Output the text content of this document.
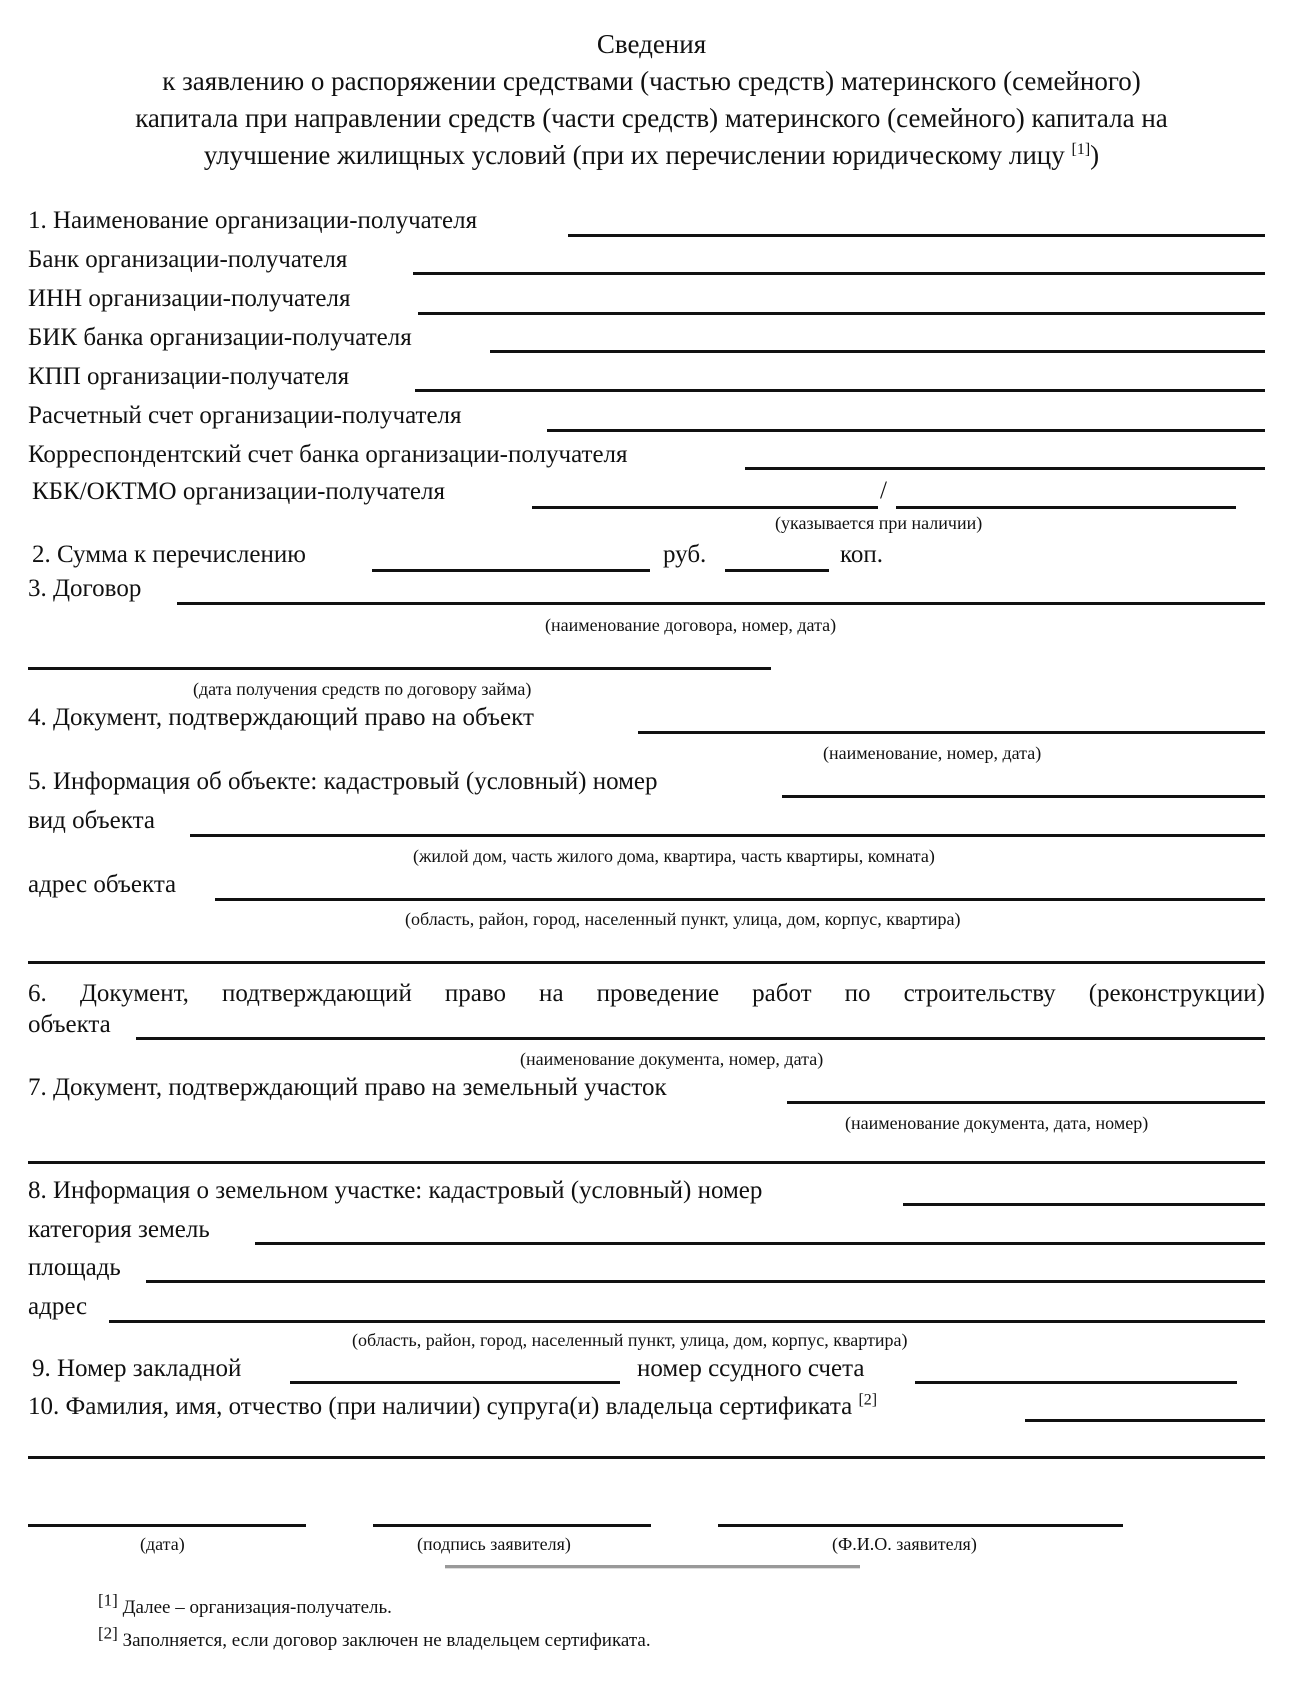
Сведения
к заявлению о распоряжении средствами (частью средств) материнского (семейного)
капитала при направлении средств (части средств) материнского (семейного) капитала на
улучшение жилищных условий (при их перечислении юридическому лицу [1])
1. Наименование организации-получателя
Банк организации-получателя
ИНН организации-получателя
БИК банка организации-получателя
КПП организации-получателя
Расчетный счет организации-получателя
Корреспондентский счет банка организации-получателя
КБК/ОКТМО организации-получателя	/
(указывается при наличии)
2. Сумма к перечислению	руб.	коп.
3. Договор
(наименование договора, номер, дата)
(дата получения средств по договору займа)
4. Документ, подтверждающий право на объект
(наименование, номер, дата)
5. Информация об объекте: кадастровый (условный) номер
вид объекта
(жилой дом, часть жилого дома, квартира, часть квартиры, комната)
адрес объекта
(область, район, город, населенный пункт, улица, дом, корпус, квартира)
6. Документ, подтверждающий право на проведение работ по строительству (реконструкции)
объекта
(наименование документа, номер, дата)
7. Документ, подтверждающий право на земельный участок
(наименование документа, дата, номер)
8. Информация о земельном участке: кадастровый (условный) номер
категория земель
площадь
адрес
(область, район, город, населенный пункт, улица, дом, корпус, квартира)
9. Номер закладной	номер ссудного счета
10. Фамилия, имя, отчество (при наличии) супруга(и) владельца сертификата [2]
(дата)	(подпись заявителя)	(Ф.И.О. заявителя)
[1] Далее – организация-получатель.
[2] Заполняется, если договор заключен не владельцем сертификата.
